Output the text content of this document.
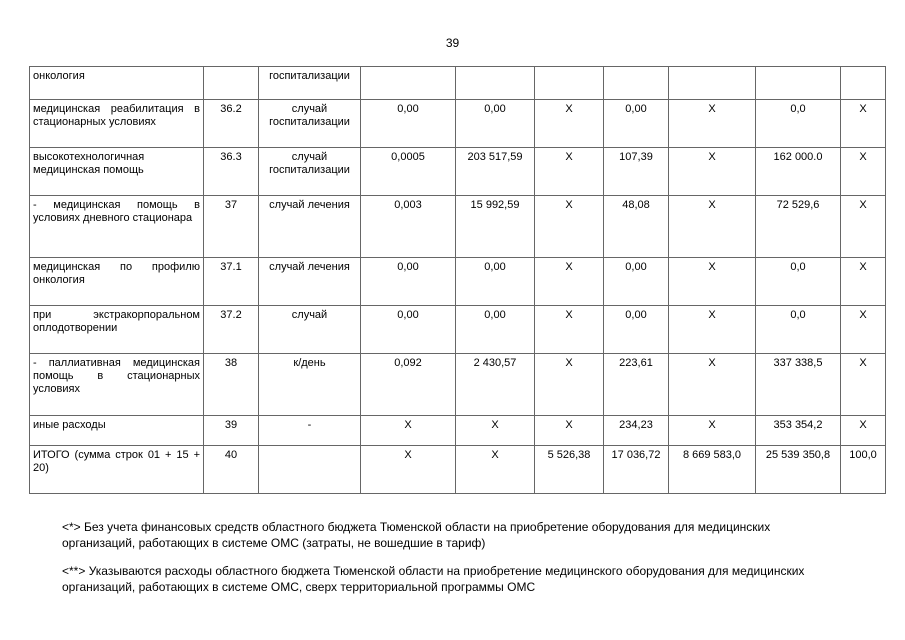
39
онкология		госпитализации							
медицинская реабилитация в стационарных условиях	36.2	случай госпитализации	0,00	0,00	Х	0,00	Х	0,0	Х
высокотехнологичная медицинская помощь	36.3	случай госпитализации	0,0005	203 517,59	Х	107,39	Х	162 000.0	Х
- медицинская помощь в условиях дневного стационара	37	случай лечения	0,003	15 992,59	Х	48,08	Х	72 529,6	Х
медицинская по профилю онкология	37.1	случай лечения	0,00	0,00	Х	0,00	Х	0,0	Х
при экстракорпоральном оплодотворении	37.2	случай	0,00	0,00	Х	0,00	Х	0,0	Х
- паллиативная медицинская помощь в стационарных условиях	38	к/день	0,092	2 430,57	Х	223,61	Х	337 338,5	Х
иные расходы	39	-	Х	Х	Х	234,23	Х	353 354,2	Х
ИТОГО (сумма строк 01 + 15 + 20)	40		Х	Х	5 526,38	17 036,72	8 669 583,0	25 539 350,8	100,0

<*> Без учета финансовых средств областного бюджета Тюменской области на приобретение оборудования для медицинских организаций, работающих в системе ОМС (затраты, не вошедшие в тариф)

<**> Указываются расходы областного бюджета Тюменской области на приобретение медицинского оборудования для медицинских организаций, работающих в системе ОМС, сверх территориальной программы ОМС
